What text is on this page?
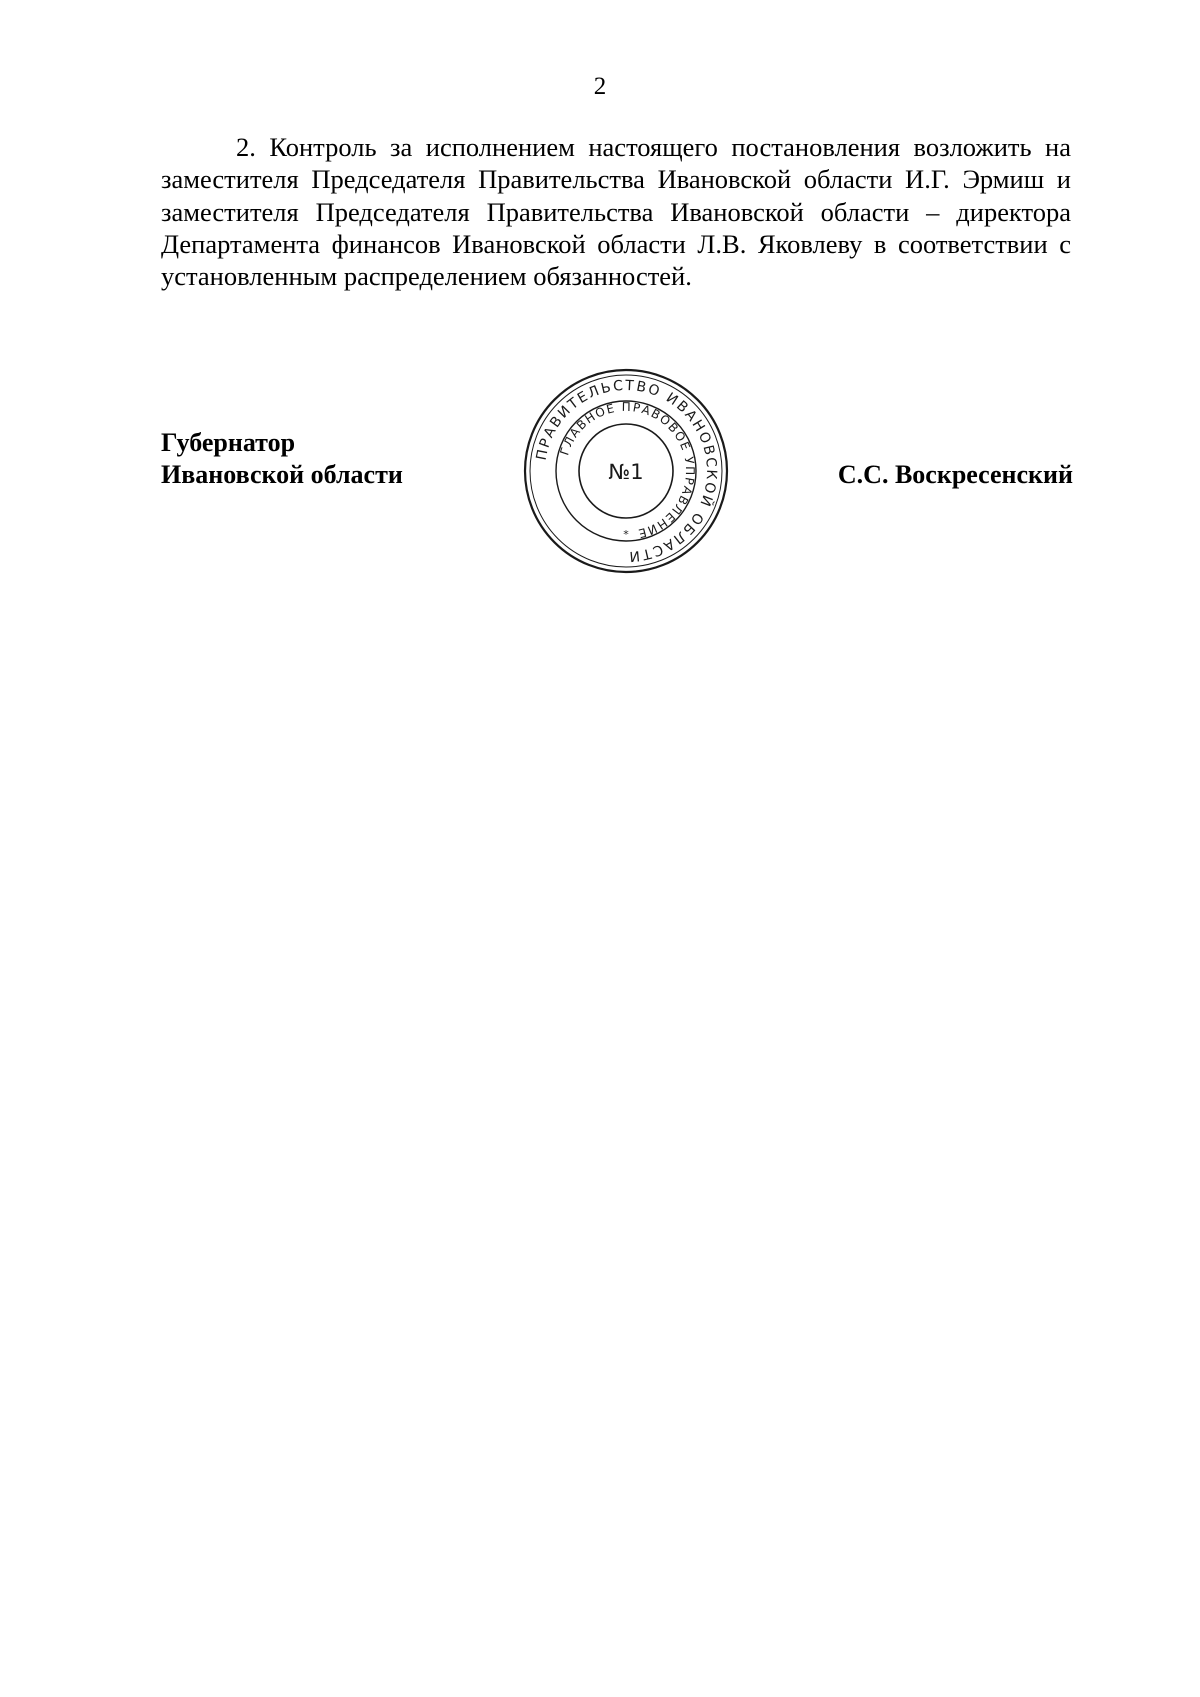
2

2. Контроль за исполнением настоящего постановления возложить на заместителя Председателя Правительства Ивановской области И.Г. Эрмиш и заместителя Председателя Правительства Ивановской области – директора Департамента финансов Ивановской области Л.В. Яковлеву в соответствии с установленным распределением обязанностей.

Губернатор
Ивановской области	С.С. Воскресенский
ПРАВИТЕЛЬСТВО ИВАНОВСКОЙ ОБЛАСТИ
ГЛАВНОЕ ПРАВОВОЕ УПРАВЛЕНИЕ
№1
*
